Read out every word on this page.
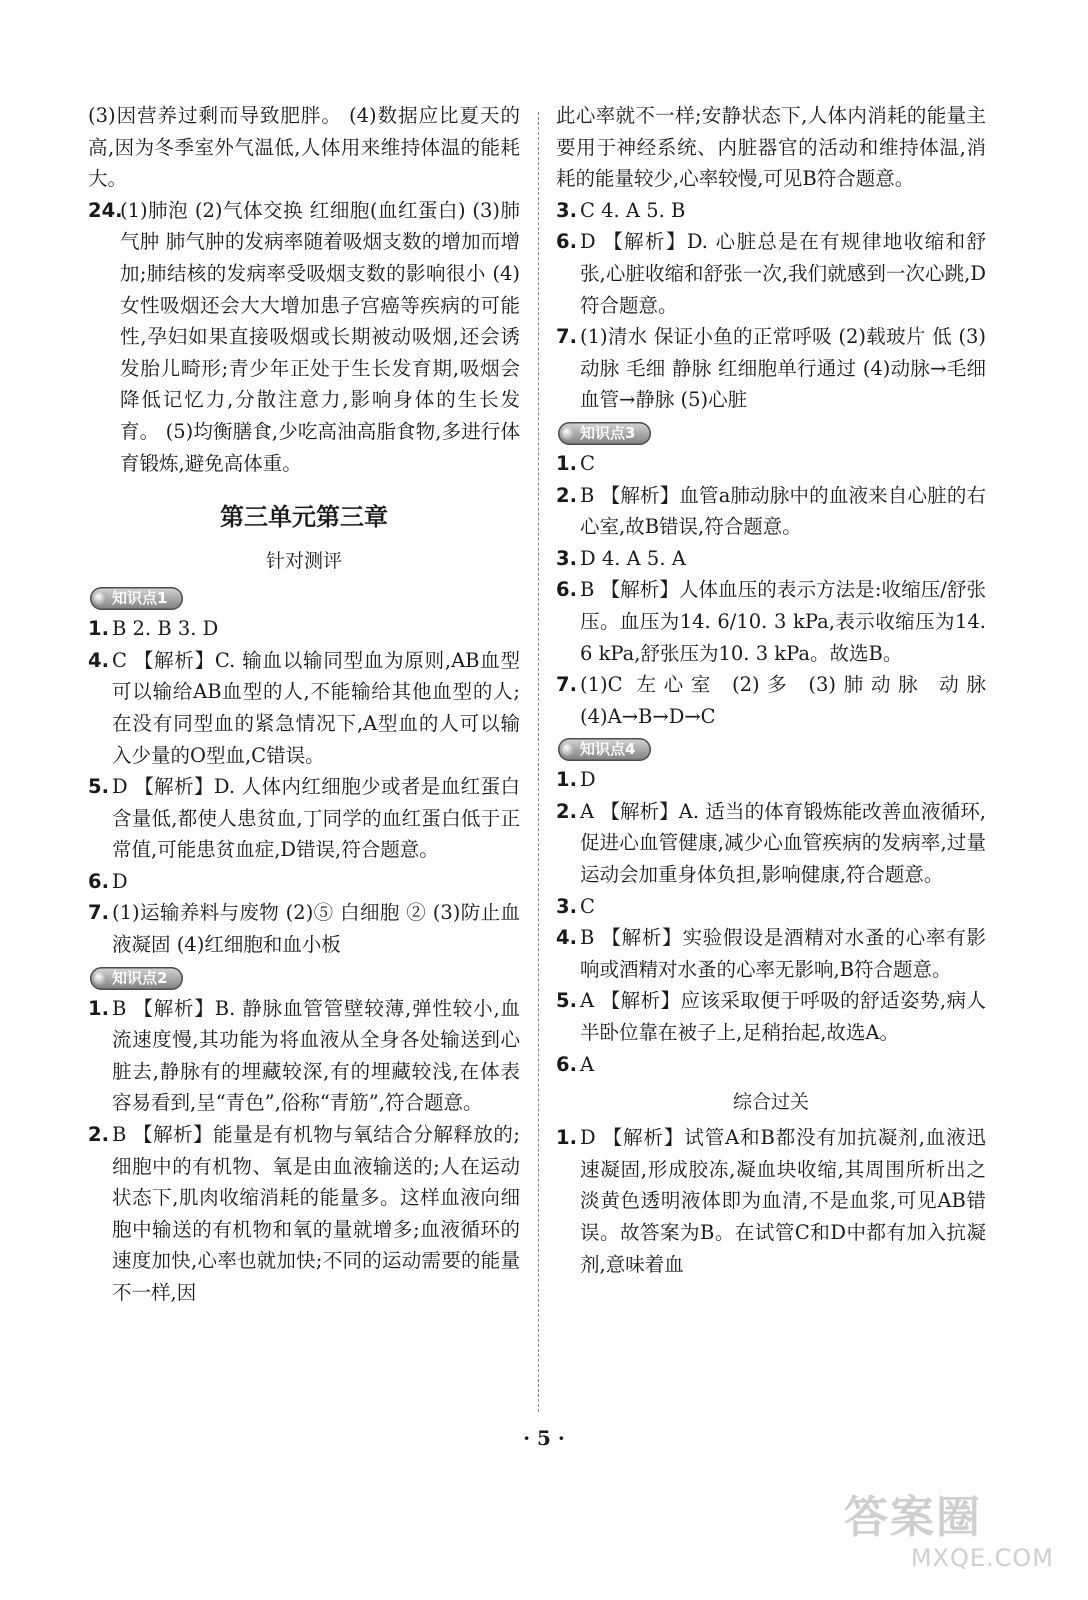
(3)因营养过剩而导致肥胖。 (4)数据应比夏天的高,因为冬季室外气温低,人体用来维持体温的能耗大。

24.
(1)肺泡 (2)气体交换 红细胞(血红蛋白) (3)肺气肿 肺气肿的发病率随着吸烟支数的增加而增加;肺结核的发病率受吸烟支数的影响很小 (4)女性吸烟还会大大增加患子宫癌等疾病的可能性,孕妇如果直接吸烟或长期被动吸烟,还会诱发胎儿畸形;青少年正处于生长发育期,吸烟会降低记忆力,分散注意力,影响身体的生长发育。 (5)均衡膳食,少吃高油高脂食物,多进行体育锻炼,避免高体重。
第三单元第三章
针对测评
知识点1
1. B 2. B 3. D
4. C 【解析】C. 输血以输同型血为原则,AB血型可以输给AB血型的人,不能输给其他血型的人;在没有同型血的紧急情况下,A型血的人可以输入少量的O型血,C错误。
5. D 【解析】D. 人体内红细胞少或者是血红蛋白含量低,都使人患贫血,丁同学的血红蛋白低于正常值,可能患贫血症,D错误,符合题意。
6. D
7. (1)运输养料与废物 (2)⑤ 白细胞 ② (3)防止血液凝固 (4)红细胞和血小板
知识点2
1. B 【解析】B. 静脉血管管壁较薄,弹性较小,血流速度慢,其功能为将血液从全身各处输送到心脏去,静脉有的埋藏较深,有的埋藏较浅,在体表容易看到,呈“青色”,俗称“青筋”,符合题意。
2. B 【解析】能量是有机物与氧结合分解释放的;细胞中的有机物、氧是由血液输送的;人在运动状态下,肌肉收缩消耗的能量多。这样血液向细胞中输送的有机物和氧的量就增多;血液循环的速度加快,心率也就加快;不同的运动需要的能量不一样,因

此心率就不一样;安静状态下,人体内消耗的能量主要用于神经系统、内脏器官的活动和维持体温,消耗的能量较少,心率较慢,可见B符合题意。

3. C 4. A 5. B
6. D 【解析】D. 心脏总是在有规律地收缩和舒张,心脏收缩和舒张一次,我们就感到一次心跳,D符合题意。
7. (1)清水 保证小鱼的正常呼吸 (2)载玻片 低 (3)动脉 毛细 静脉 红细胞单行通过 (4)动脉→毛细血管→静脉 (5)心脏
知识点3
1. C
2. B 【解析】血管a肺动脉中的血液来自心脏的右心室,故B错误,符合题意。
3. D 4. A 5. A
6. B 【解析】人体血压的表示方法是:收缩压/舒张压。血压为14. 6/10. 3 kPa,表示收缩压为14. 6 kPa,舒张压为10. 3 kPa。故选B。
7. (1)C 左心室 (2)多 (3)肺动脉 动脉 (4)A→B→D→C
知识点4
1. D
2. A 【解析】A. 适当的体育锻炼能改善血液循环,促进心血管健康,减少心血管疾病的发病率,过量运动会加重身体负担,影响健康,符合题意。
3. C
4. B 【解析】实验假设是酒精对水蚤的心率有影响或酒精对水蚤的心率无影响,B符合题意。
5. A 【解析】应该采取便于呼吸的舒适姿势,病人半卧位靠在被子上,足稍抬起,故选A。
6. A
综合过关
1. D 【解析】试管A和B都没有加抗凝剂,血液迅速凝固,形成胶冻,凝血块收缩,其周围所析出之淡黄色透明液体即为血清,不是血浆,可见AB错误。故答案为B。在试管C和D中都有加入抗凝剂,意味着血
· 5 ·
答案圈
MXQE.COM
